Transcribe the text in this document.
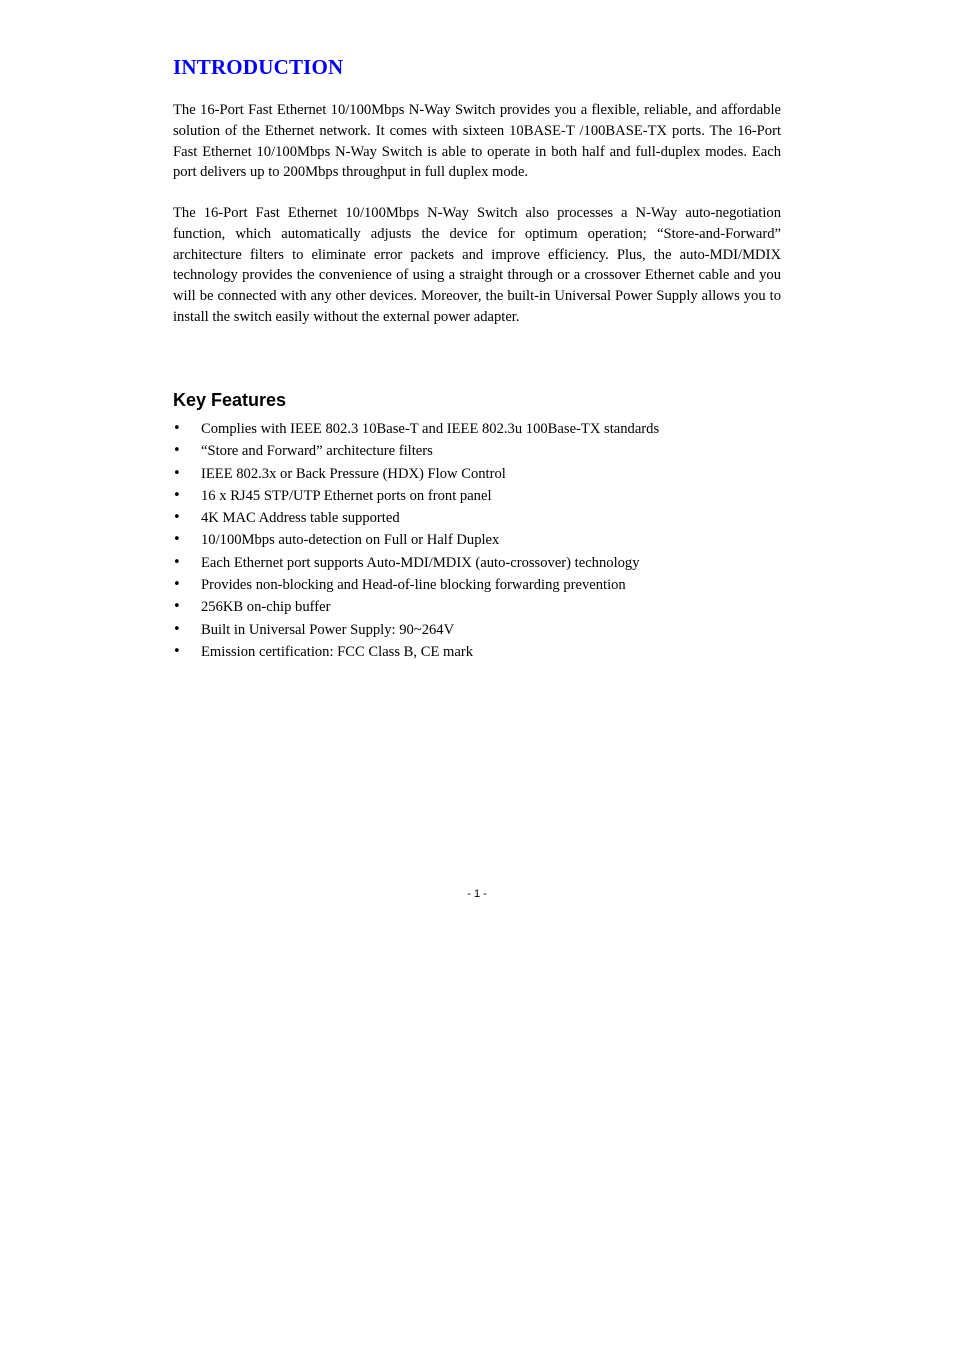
INTRODUCTION

The 16-Port Fast Ethernet 10/100Mbps N-Way Switch provides you a flexible, reliable, and affordable solution of the Ethernet network. It comes with sixteen 10BASE-T /100BASE-TX ports. The 16-Port Fast Ethernet 10/100Mbps N-Way Switch is able to operate in both half and full-duplex modes. Each port delivers up to 200Mbps throughput in full duplex mode.

The 16-Port Fast Ethernet 10/100Mbps N-Way Switch also processes a N-Way auto-negotiation function, which automatically adjusts the device for optimum operation; “Store-and-Forward” architecture filters to eliminate error packets and improve efficiency. Plus, the auto-MDI/MDIX technology provides the convenience of using a straight through or a crossover Ethernet cable and you will be connected with any other devices. Moreover, the built-in Universal Power Supply allows you to install the switch easily without the external power adapter.

Key Features
• Complies with IEEE 802.3 10Base-T and IEEE 802.3u 100Base-TX standards
• “Store and Forward” architecture filters
• IEEE 802.3x or Back Pressure (HDX) Flow Control
• 16 x RJ45 STP/UTP Ethernet ports on front panel
• 4K MAC Address table supported
• 10/100Mbps auto-detection on Full or Half Duplex
• Each Ethernet port supports Auto-MDI/MDIX (auto-crossover) technology
• Provides non-blocking and Head-of-line blocking forwarding prevention
• 256KB on-chip buffer
• Built in Universal Power Supply: 90~264V
• Emission certification: FCC Class B, CE mark
- 1 -
